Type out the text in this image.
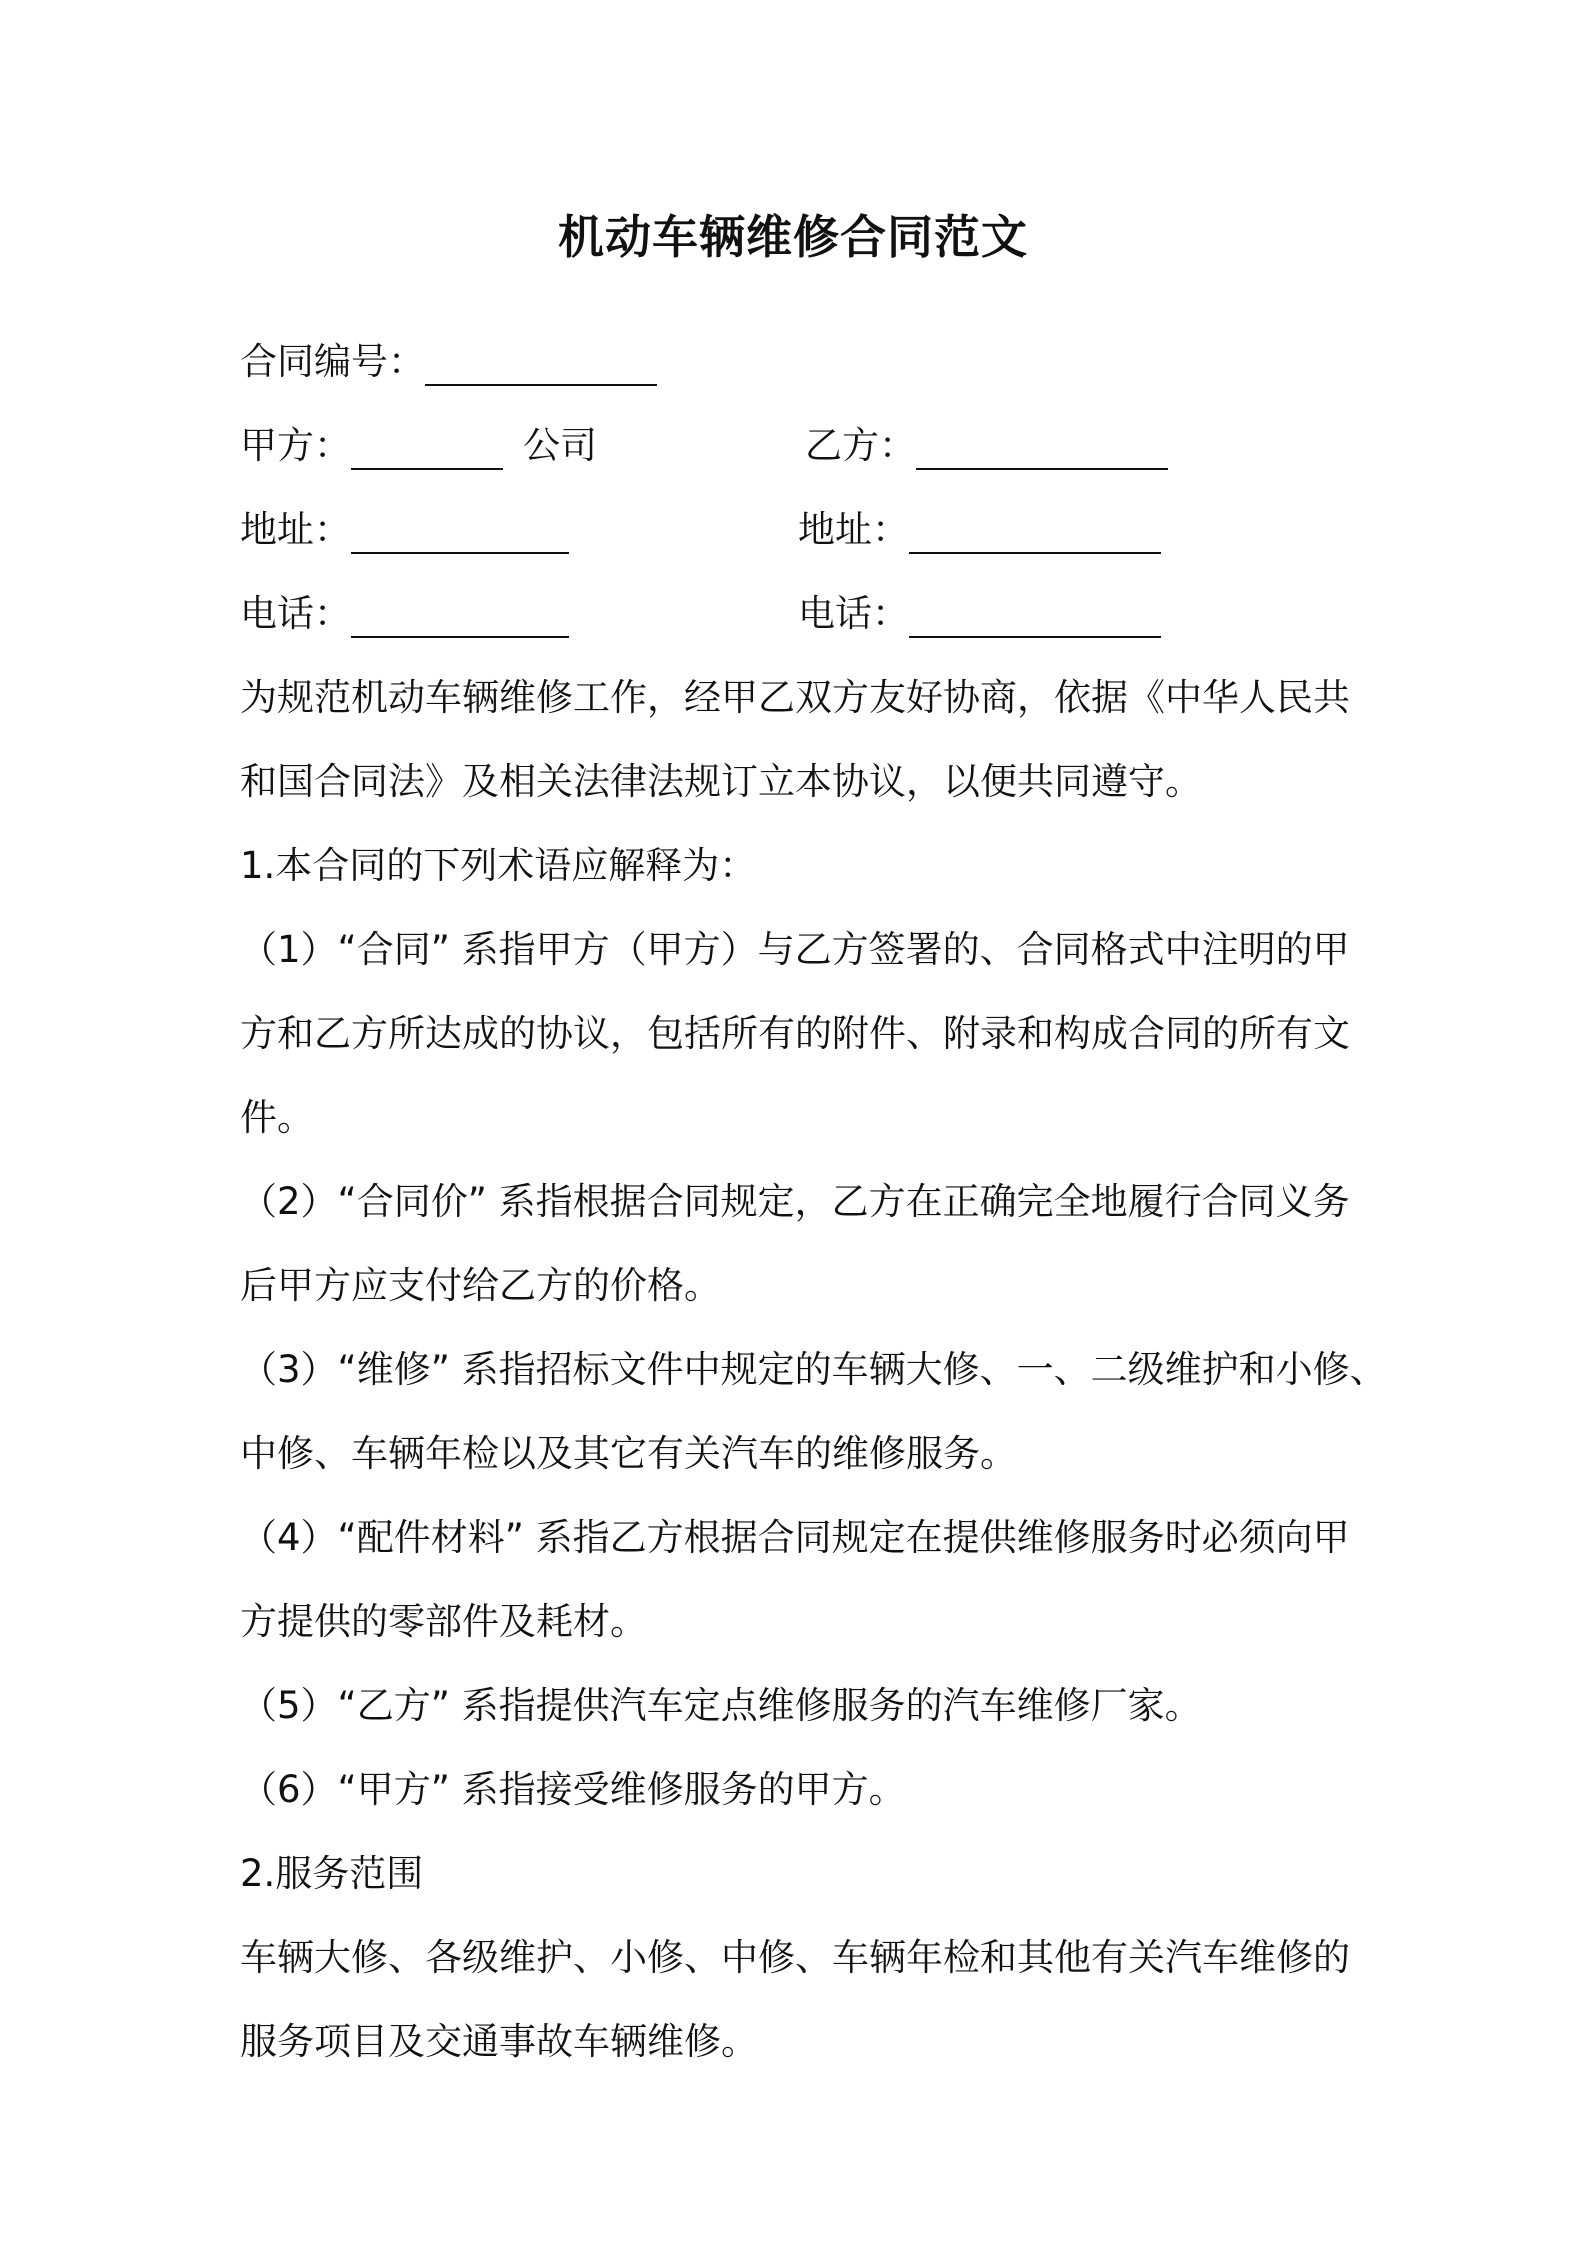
机动车辆维修合同范文
合同编号：
甲方：	公司	乙方：
地址：	地址：
电话：	电话：
为规范机动车辆维修工作，经甲乙双方友好协商，依据《中华人民共
和国合同法》及相关法律法规订立本协议，以便共同遵守。
1.本合同的下列术语应解释为：
（1）“合同” 系指甲方（甲方）与乙方签署的、合同格式中注明的甲
方和乙方所达成的协议，包括所有的附件、附录和构成合同的所有文
件。
（2）“合同价” 系指根据合同规定，乙方在正确完全地履行合同义务
后甲方应支付给乙方的价格。
（3）“维修” 系指招标文件中规定的车辆大修、一、二级维护和小修、
中修、车辆年检以及其它有关汽车的维修服务。
（4）“配件材料” 系指乙方根据合同规定在提供维修服务时必须向甲
方提供的零部件及耗材。
（5）“乙方” 系指提供汽车定点维修服务的汽车维修厂家。
（6）“甲方” 系指接受维修服务的甲方。
2.服务范围
车辆大修、各级维护、小修、中修、车辆年检和其他有关汽车维修的
服务项目及交通事故车辆维修。
